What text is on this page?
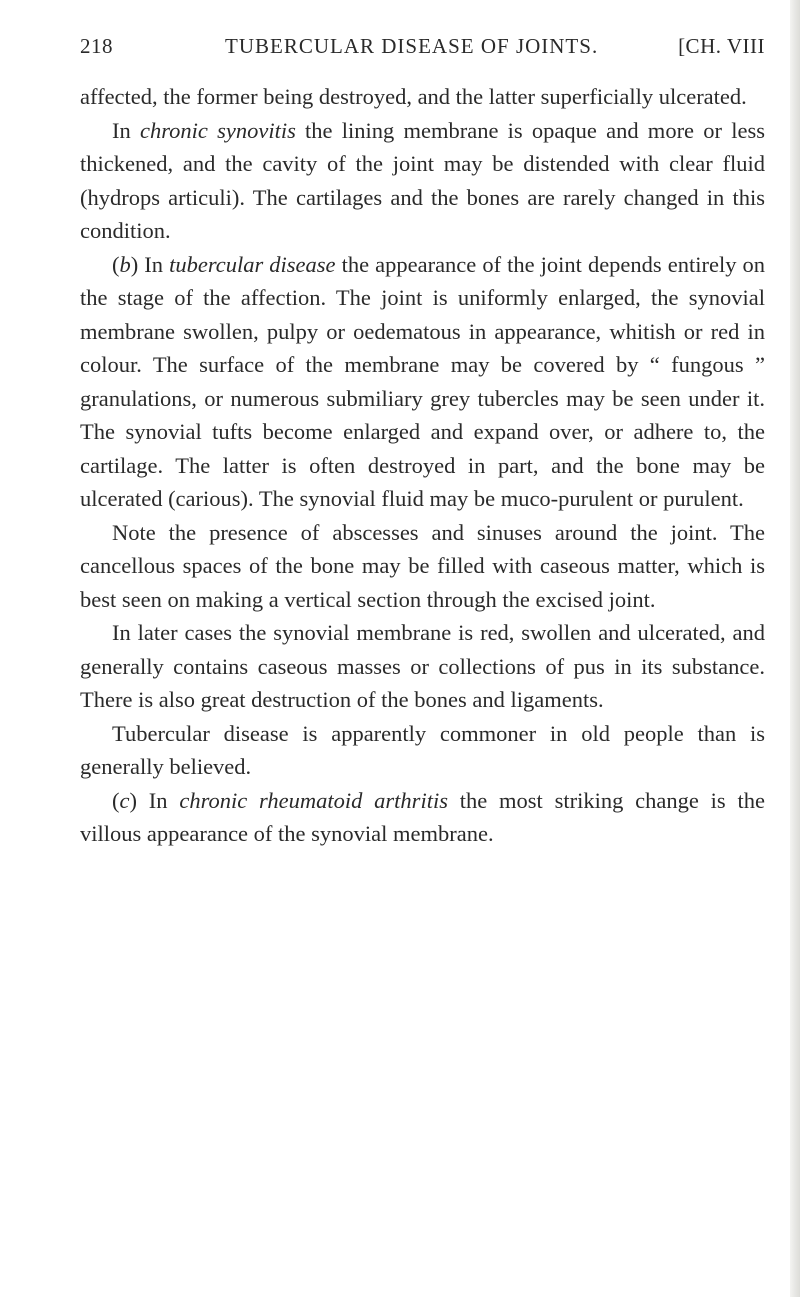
218	TUBERCULAR DISEASE OF JOINTS.	[CH. VIII

affected, the former being destroyed, and the latter superficially ulcerated.

In chronic synovitis the lining membrane is opaque and more or less thickened, and the cavity of the joint may be distended with clear fluid (hydrops articuli). The cartilages and the bones are rarely changed in this condition.

(b) In tubercular disease the appearance of the joint depends entirely on the stage of the affection. The joint is uniformly enlarged, the synovial membrane swollen, pulpy or oedematous in appearance, whitish or red in colour. The surface of the membrane may be covered by “ fungous ” granulations, or numerous submiliary grey tubercles may be seen under it. The synovial tufts become enlarged and expand over, or adhere to, the cartilage. The latter is often destroyed in part, and the bone may be ulcerated (carious). The synovial fluid may be muco-purulent or purulent.

Note the presence of abscesses and sinuses around the joint. The cancellous spaces of the bone may be filled with caseous matter, which is best seen on making a vertical section through the excised joint.

In later cases the synovial membrane is red, swollen and ulcerated, and generally contains caseous masses or collections of pus in its substance. There is also great destruction of the bones and ligaments.

Tubercular disease is apparently commoner in old people than is generally believed.

(c) In chronic rheumatoid arthritis the most striking change is the villous appearance of the synovial membrane.
